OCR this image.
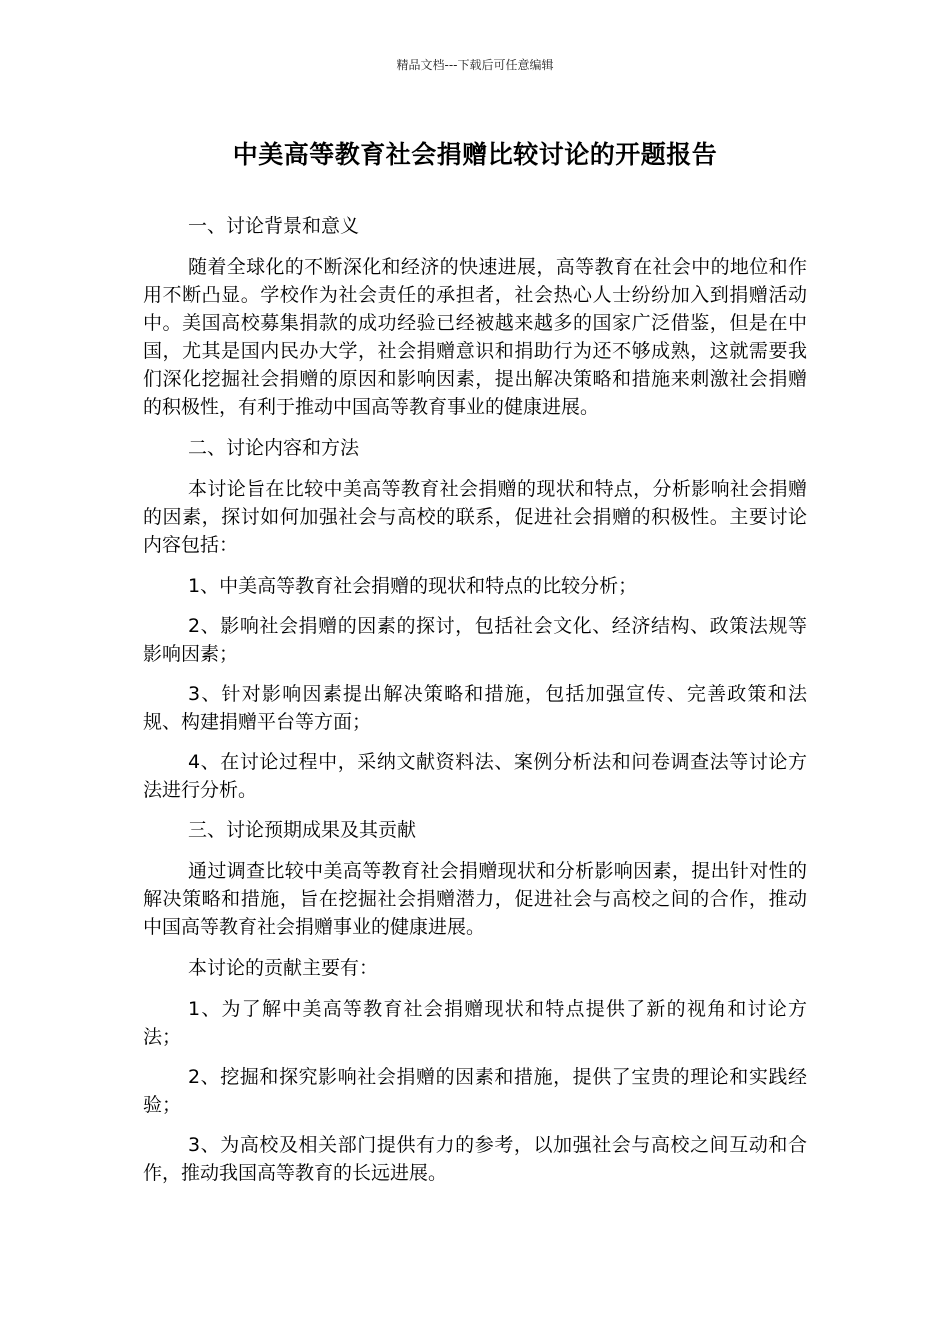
精品文档---下载后可任意编辑
中美高等教育社会捐赠比较讨论的开题报告

一、讨论背景和意义

随着全球化的不断深化和经济的快速进展，高等教育在社会中的地位和作用不断凸显。学校作为社会责任的承担者，社会热心人士纷纷加入到捐赠活动中。美国高校募集捐款的成功经验已经被越来越多的国家广泛借鉴，但是在中国，尤其是国内民办大学，社会捐赠意识和捐助行为还不够成熟，这就需要我们深化挖掘社会捐赠的原因和影响因素，提出解决策略和措施来刺激社会捐赠的积极性，有利于推动中国高等教育事业的健康进展。

二、讨论内容和方法

本讨论旨在比较中美高等教育社会捐赠的现状和特点，分析影响社会捐赠的因素，探讨如何加强社会与高校的联系，促进社会捐赠的积极性。主要讨论内容包括：

1、中美高等教育社会捐赠的现状和特点的比较分析；

2、影响社会捐赠的因素的探讨，包括社会文化、经济结构、政策法规等影响因素；

3、针对影响因素提出解决策略和措施，包括加强宣传、完善政策和法规、构建捐赠平台等方面；

4、在讨论过程中，采纳文献资料法、案例分析法和问卷调查法等讨论方法进行分析。

三、讨论预期成果及其贡献

通过调查比较中美高等教育社会捐赠现状和分析影响因素，提出针对性的解决策略和措施，旨在挖掘社会捐赠潜力，促进社会与高校之间的合作，推动中国高等教育社会捐赠事业的健康进展。

本讨论的贡献主要有：

1、为了解中美高等教育社会捐赠现状和特点提供了新的视角和讨论方法；

2、挖掘和探究影响社会捐赠的因素和措施，提供了宝贵的理论和实践经验；

3、为高校及相关部门提供有力的参考，以加强社会与高校之间互动和合作，推动我国高等教育的长远进展。
